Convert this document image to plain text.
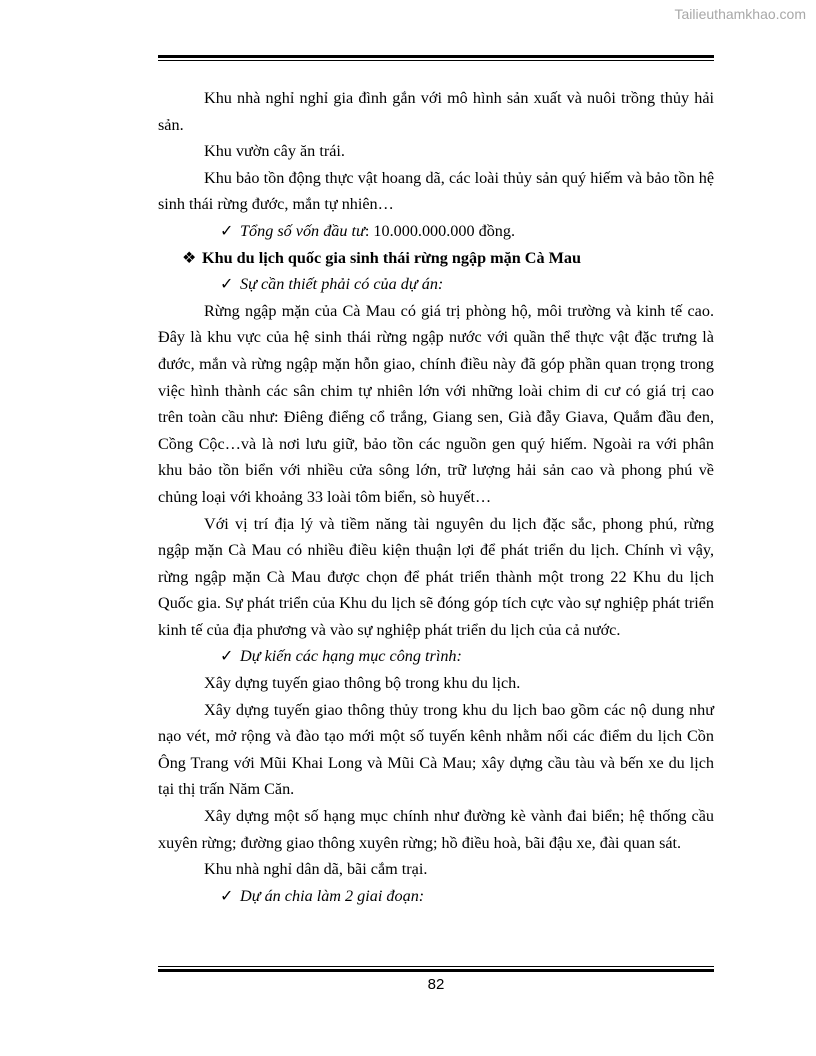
Tailieuthamkhao.com

Khu nhà nghỉ nghỉ gia đình gắn với mô hình sản xuất và nuôi trồng thủy hải sản.

Khu vườn cây ăn trái.

Khu bảo tồn động thực vật hoang dã, các loài thủy sản quý hiếm và bảo tồn hệ sinh thái rừng đước, mắn tự nhiên…

✓ Tổng số vốn đầu tư: 10.000.000.000 đồng.

❖ Khu du lịch quốc gia sinh thái rừng ngập mặn Cà Mau

✓ Sự cần thiết phải có của dự án:

Rừng ngập mặn của Cà Mau có giá trị phòng hộ, môi trường và kinh tế cao. Đây là khu vực của hệ sinh thái rừng ngập nước với quần thể thực vật đặc trưng là đước, mắn và rừng ngập mặn hỗn giao, chính điều này đã góp phần quan trọng trong việc hình thành các sân chim tự nhiên lớn với những loài chim di cư có giá trị cao trên toàn cầu như: Điêng điểng cổ trắng, Giang sen, Già đẫy Giava, Quắm đầu đen, Cồng Cộc…và là nơi lưu giữ, bảo tồn các nguồn gen quý hiếm. Ngoài ra với phân khu bảo tồn biển với nhiều cửa sông lớn, trữ lượng hải sản cao và phong phú về chủng loại với khoảng 33 loài tôm biển, sò huyết…

Với vị trí địa lý và tiềm năng tài nguyên du lịch đặc sắc, phong phú, rừng ngập mặn Cà Mau có nhiều điều kiện thuận lợi để phát triển du lịch. Chính vì vậy, rừng ngập mặn Cà Mau được chọn để phát triển thành một trong 22 Khu du lịch Quốc gia. Sự phát triển của Khu du lịch sẽ đóng góp tích cực vào sự nghiệp phát triển kinh tế của địa phương và vào sự nghiệp phát triển du lịch của cả nước.

✓ Dự kiến các hạng mục công trình:

Xây dựng tuyến giao thông bộ trong khu du lịch.

Xây dựng tuyến giao thông thủy trong khu du lịch bao gồm các nộ dung như nạo vét, mở rộng và đào tạo mới một số tuyến kênh nhằm nối các điểm du lịch Cồn Ông Trang với Mũi Khai Long và Mũi Cà Mau; xây dựng cầu tàu và bến xe du lịch tại thị trấn Năm Căn.

Xây dựng một số hạng mục chính như đường kè vành đai biển; hệ thống cầu xuyên rừng; đường giao thông xuyên rừng; hồ điều hoà, bãi đậu xe, đài quan sát.

Khu nhà nghỉ dân dã, bãi cắm trại.

✓ Dự án chia làm 2 giai đoạn:

82
